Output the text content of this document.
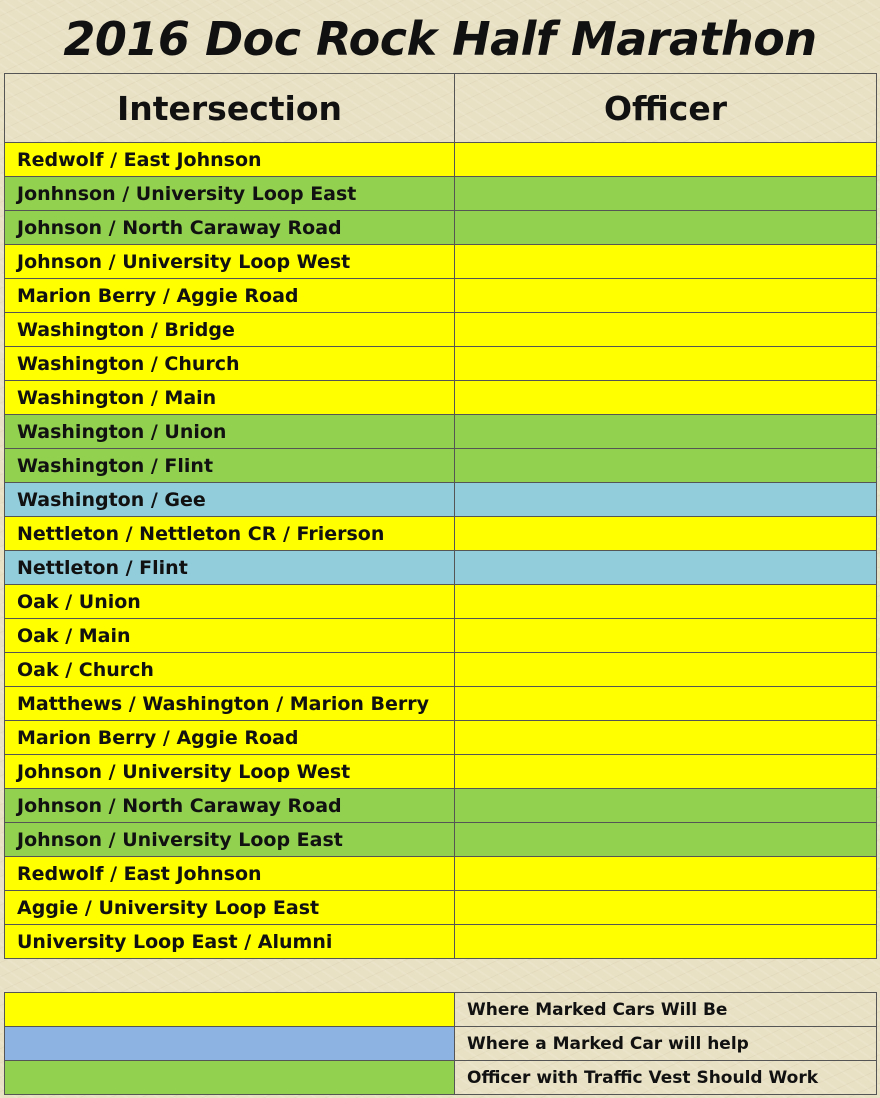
2016 Doc Rock Half Marathon
Intersection	Officer
Redwolf / East Johnson	
Jonhnson / University Loop East	
Johnson / North Caraway Road	
Johnson / University Loop West	
Marion Berry / Aggie Road	
Washington / Bridge	
Washington / Church	
Washington / Main	
Washington / Union	
Washington / Flint	
Washington / Gee	
Nettleton / Nettleton CR / Frierson	
Nettleton / Flint	
Oak / Union	
Oak / Main	
Oak / Church	
Matthews / Washington / Marion Berry	
Marion Berry / Aggie Road	
Johnson / University Loop West	
Johnson / North Caraway Road	
Johnson / University Loop East	
Redwolf / East Johnson	
Aggie / University Loop East	
University Loop East / Alumni	
	Where Marked Cars Will Be
	Where a Marked Car will help
	Officer with Traffic Vest Should Work
